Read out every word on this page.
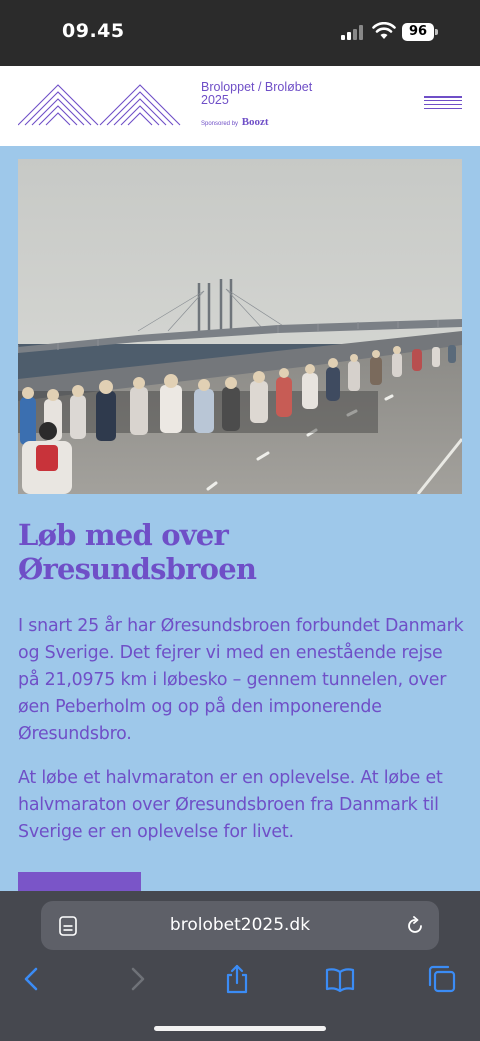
09.45	96
Broloppet / Broløbet
2025
Sponsored by Boozt
Løb med over
Øresundsbroen

I snart 25 år har Øresundsbroen forbundet Danmark og Sverige. Det fejrer vi med en enestående rejse på 21,0975 km i løbesko – gennem tunnelen, over øen Peberholm og op på den imponerende Øresundsbro.

At løbe et halvmaraton er en oplevelse. At løbe et halvmaraton over Øresundsbroen fra Danmark til Sverige er en oplevelse for livet.

brolobet2025.dk
